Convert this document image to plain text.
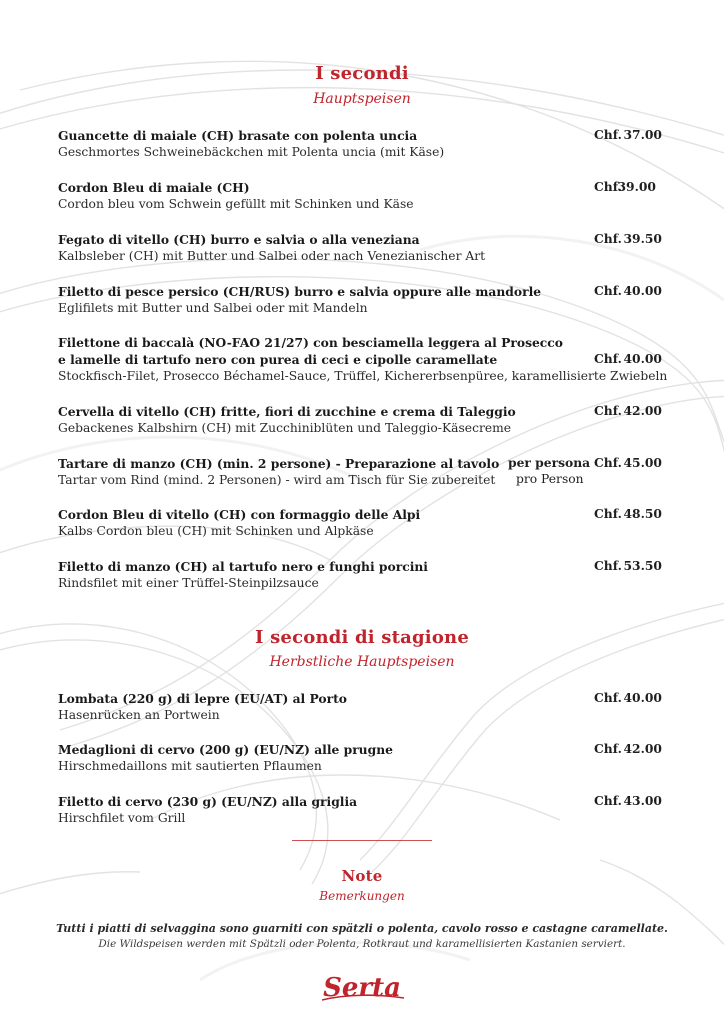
I secondi
Hauptspeisen
Guancette di maiale (CH) brasate con polenta uncia
Geschmortes Schweinebäckchen mit Polenta uncia (mit Käse)
Chf. 37.00
Cordon Bleu di maiale (CH)
Cordon bleu vom Schwein gefüllt mit Schinken und Käse
Chf.
39.00
Fegato di vitello (CH) burro e salvia o alla veneziana
Kalbsleber (CH) mit Butter und Salbei oder nach Venezianischer Art
Chf. 39.50
Filetto di pesce persico (CH/RUS) burro e salvia oppure alle mandorle
Eglifilets mit Butter und Salbei oder mit Mandeln
Chf. 40.00
Filettone di baccalà (NO-FAO 21/27) con besciamella leggera al Prosecco
e lamelle di tartufo nero con purea di ceci e cipolle caramellate
Stockfisch-Filet, Prosecco Béchamel-Sauce, Trüffel, Kichererbsenpüree, karamellisierte Zwiebeln
Chf. 40.00
Cervella di vitello (CH) fritte, fiori di zucchine e crema di Taleggio
Gebackenes Kalbshirn (CH) mit Zucchiniblüten und Taleggio-Käsecreme
Chf. 42.00
Tartare di manzo (CH) (min. 2 persone) - Preparazione al tavolo
Tartar vom Rind (mind. 2 Personen) - wird am Tisch für Sie zubereitet
per persona
pro Person
Chf. 45.00
Cordon Bleu di vitello (CH) con formaggio delle Alpi
Kalbs Cordon bleu (CH) mit Schinken und Alpkäse
Chf. 48.50
Filetto di manzo (CH) al tartufo nero e funghi porcini
Rindsfilet mit einer Trüffel-Steinpilzsauce
Chf. 53.50
I secondi di stagione
Herbstliche Hauptspeisen
Lombata (220 g) di lepre (EU/AT) al Porto
Hasenrücken an Portwein
Chf. 40.00
Medaglioni di cervo (200 g) (EU/NZ) alle prugne
Hirschmedaillons mit sautierten Pflaumen
Chf. 42.00
Filetto di cervo (230 g) (EU/NZ) alla griglia
Hirschfilet vom Grill
Chf. 43.00
Note
Bemerkungen
Tutti i piatti di selvaggina sono guarniti con spätzli o polenta, cavolo rosso e castagne caramellate.
Die Wildspeisen werden mit Spätzli oder Polenta, Rotkraut und karamellisierten Kastanien serviert.
Serta
